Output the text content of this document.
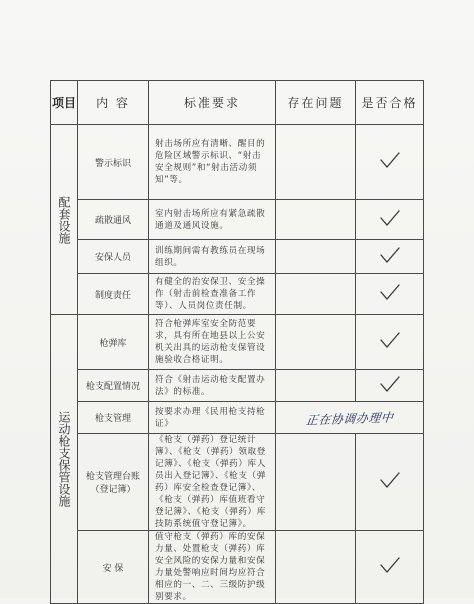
项目	内 容	标准要求	存在问题	是否合格

配套设施	警示标识	射击场所应有清晰、醒目的危险区域警示标识、“射击安全规则”和“射击活动须知”等。		
	疏散通风	室内射击场所应有紧急疏散通道及通风设施。		
	安保人员	训练期间需有教练员在现场组织。		
	制度责任	有健全的治安保卫、安全操作（射击前检查准备工作等）、人员岗位责任制。		

运动枪支保管设施	枪弹库	符合枪弹库室安全防范要求，具有所在地县以上公安机关出具的运动枪支保管设施验收合格证明。		
	枪支配置情况	符合《射击运动枪支配置办法》的标准。		
	枪支管理	按要求办理《民用枪支持枪证》	正在协调办理中	
	枪支管理台账（登记簿）	《枪支（弹药）登记统计簿》、《枪支（弹药）领取登记簿》、《枪支（弹药）库人员出入登记簿》、《枪支（弹药）库安全检查登记簿》、《枪支（弹药）库值班看守登记簿》、《枪支（弹药）库技防系统值守登记簿》。		
	安 保	值守枪支（弹药）库的安保力量、处置枪支（弹药）库安全风险的安保力量和安保力量处警响应时间均应符合相应的一、二、三级防护级别要求。		
